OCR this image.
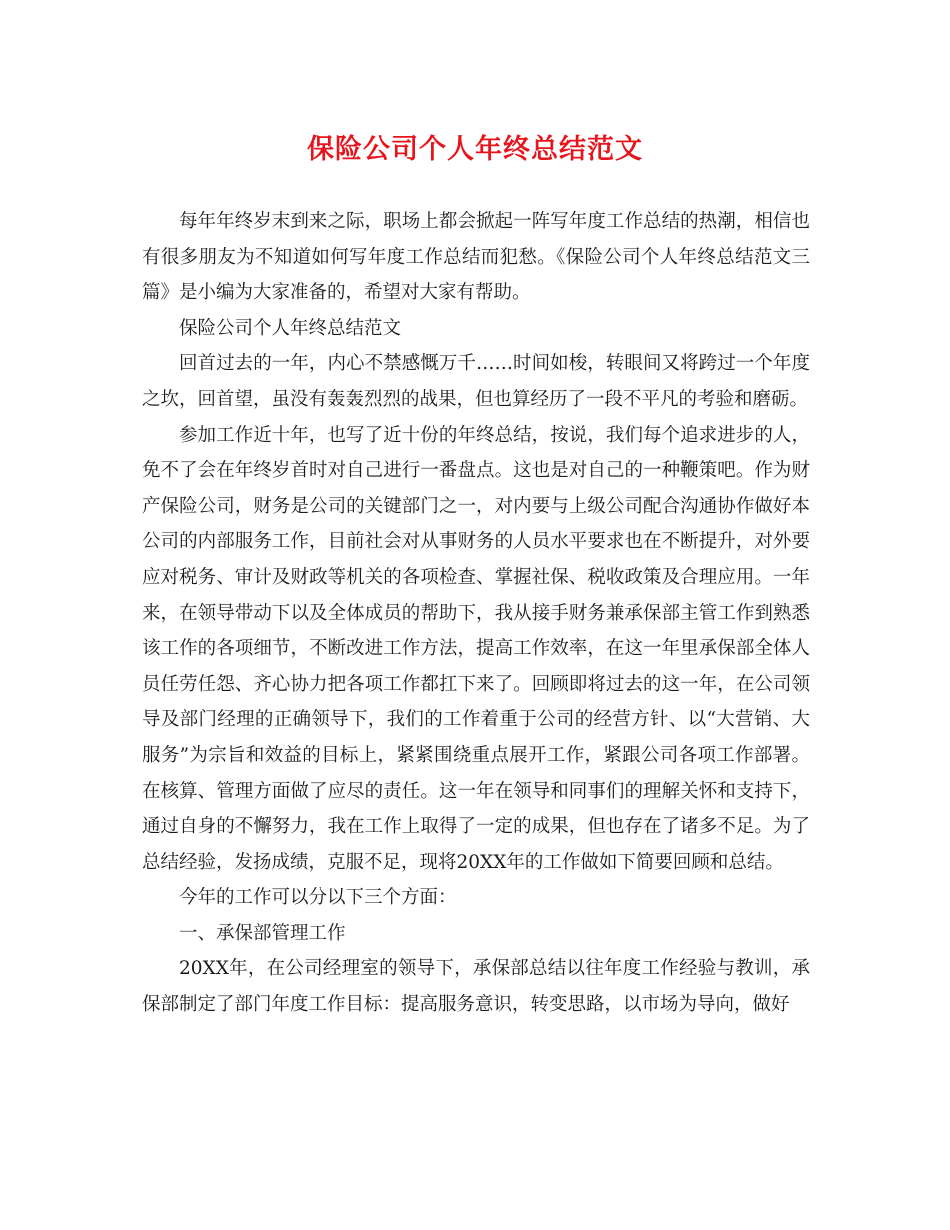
保险公司个人年终总结范文

每年年终岁末到来之际，职场上都会掀起一阵写年度工作总结的热潮，相信也有很多朋友为不知道如何写年度工作总结而犯愁。《保险公司个人年终总结范文三篇》是小编为大家准备的，希望对大家有帮助。

保险公司个人年终总结范文

回首过去的一年，内心不禁感慨万千……时间如梭，转眼间又将跨过一个年度之坎，回首望，虽没有轰轰烈烈的战果，但也算经历了一段不平凡的考验和磨砺。

参加工作近十年，也写了近十份的年终总结，按说，我们每个追求进步的人，免不了会在年终岁首时对自己进行一番盘点。这也是对自己的一种鞭策吧。作为财产保险公司，财务是公司的关键部门之一，对内要与上级公司配合沟通协作做好本公司的内部服务工作，目前社会对从事财务的人员水平要求也在不断提升，对外要应对税务、审计及财政等机关的各项检查、掌握社保、税收政策及合理应用。一年来，在领导带动下以及全体成员的帮助下，我从接手财务兼承保部主管工作到熟悉该工作的各项细节，不断改进工作方法，提高工作效率，在这一年里承保部全体人员任劳任怨、齐心协力把各项工作都扛下来了。回顾即将过去的这一年，在公司领导及部门经理的正确领导下，我们的工作着重于公司的经营方针、以“大营销、大服务”为宗旨和效益的目标上，紧紧围绕重点展开工作，紧跟公司各项工作部署。在核算、管理方面做了应尽的责任。这一年在领导和同事们的理解关怀和支持下，通过自身的不懈努力，我在工作上取得了一定的成果，但也存在了诸多不足。为了总结经验，发扬成绩，克服不足，现将20XX年的工作做如下简要回顾和总结。

今年的工作可以分以下三个方面：

一、承保部管理工作

20XX年，在公司经理室的领导下，承保部总结以往年度工作经验与教训，承保部制定了部门年度工作目标：提高服务意识，转变思路，以市场为导向，做好
